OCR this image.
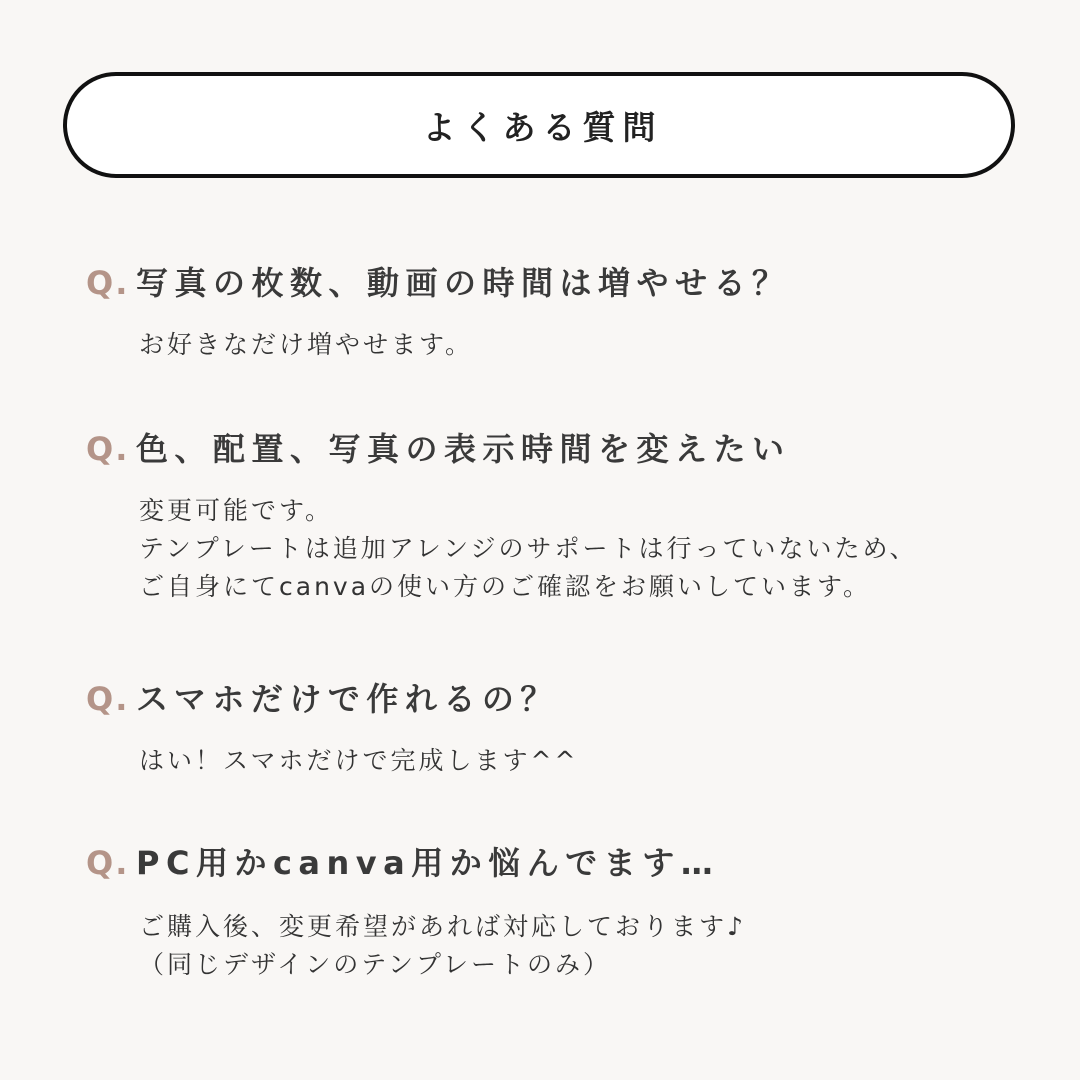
よくある質問
Q. 写真の枚数、動画の時間は増やせる？
お好きなだけ増やせます。
Q. 色、配置、写真の表示時間を変えたい
変更可能です。
テンプレートは追加アレンジのサポートは行っていないため、
ご自身にてcanvaの使い方のご確認をお願いしています。
Q. スマホだけで作れるの？
はい！スマホだけで完成します^^
Q. PC用かcanva用か悩んでます…
ご購入後、変更希望があれば対応しております♪
（同じデザインのテンプレートのみ）
